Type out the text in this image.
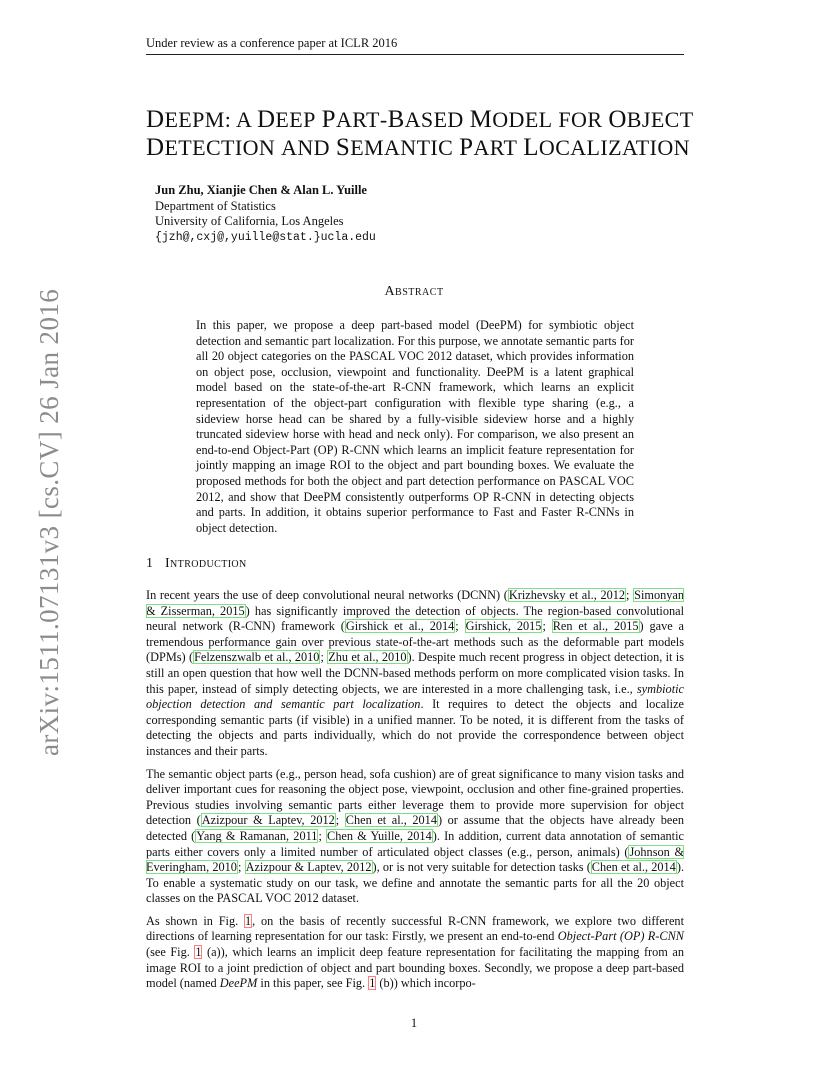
Under review as a conference paper at ICLR 2016
arXiv:1511.07131v3 [cs.CV] 26 Jan 2016
DEEPM: A DEEP PART-BASED MODEL FOR OBJECT
DETECTION AND SEMANTIC PART LOCALIZATION
Jun Zhu, Xianjie Chen & Alan L. Yuille
Department of Statistics
University of California, Los Angeles
{jzh@,cxj@,yuille@stat.}ucla.edu
Abstract
In this paper, we propose a deep part-based model (DeePM) for symbiotic object detection and semantic part localization. For this purpose, we annotate semantic parts for all 20 object categories on the PASCAL VOC 2012 dataset, which provides information on object pose, occlusion, viewpoint and functionality. DeePM is a latent graphical model based on the state-of-the-art R-CNN framework, which learns an explicit representation of the object-part configuration with flexible type sharing (e.g., a sideview horse head can be shared by a fully-visible sideview horse and a highly truncated sideview horse with head and neck only). For comparison, we also present an end-to-end Object-Part (OP) R-CNN which learns an implicit feature representation for jointly mapping an image ROI to the object and part bounding boxes. We evaluate the proposed methods for both the object and part detection performance on PASCAL VOC 2012, and show that DeePM consistently outperforms OP R-CNN in detecting objects and parts. In addition, it obtains superior performance to Fast and Faster R-CNNs in object detection.
1 Introduction

In recent years the use of deep convolutional neural networks (DCNN) (Krizhevsky et al., 2012; Simonyan & Zisserman, 2015) has significantly improved the detection of objects. The region-based convolutional neural network (R-CNN) framework (Girshick et al., 2014; Girshick, 2015; Ren et al., 2015) gave a tremendous performance gain over previous state-of-the-art methods such as the deformable part models (DPMs) (Felzenszwalb et al., 2010; Zhu et al., 2010). Despite much recent progress in object detection, it is still an open question that how well the DCNN-based methods perform on more complicated vision tasks. In this paper, instead of simply detecting objects, we are interested in a more challenging task, i.e., symbiotic objection detection and semantic part localization. It requires to detect the objects and localize corresponding semantic parts (if visible) in a unified manner. To be noted, it is different from the tasks of detecting the objects and parts individually, which do not provide the correspondence between object instances and their parts.

The semantic object parts (e.g., person head, sofa cushion) are of great significance to many vision tasks and deliver important cues for reasoning the object pose, viewpoint, occlusion and other fine-grained properties. Previous studies involving semantic parts either leverage them to provide more supervision for object detection (Azizpour & Laptev, 2012; Chen et al., 2014) or assume that the objects have already been detected (Yang & Ramanan, 2011; Chen & Yuille, 2014). In addition, current data annotation of semantic parts either covers only a limited number of articulated object classes (e.g., person, animals) (Johnson & Everingham, 2010; Azizpour & Laptev, 2012), or is not very suitable for detection tasks (Chen et al., 2014). To enable a systematic study on our task, we define and annotate the semantic parts for all the 20 object classes on the PASCAL VOC 2012 dataset.

As shown in Fig. 1, on the basis of recently successful R-CNN framework, we explore two different directions of learning representation for our task: Firstly, we present an end-to-end Object-Part (OP) R-CNN (see Fig. 1 (a)), which learns an implicit deep feature representation for facilitating the mapping from an image ROI to a joint prediction of object and part bounding boxes. Secondly, we propose a deep part-based model (named DeePM in this paper, see Fig. 1 (b)) which incorpo-

1
